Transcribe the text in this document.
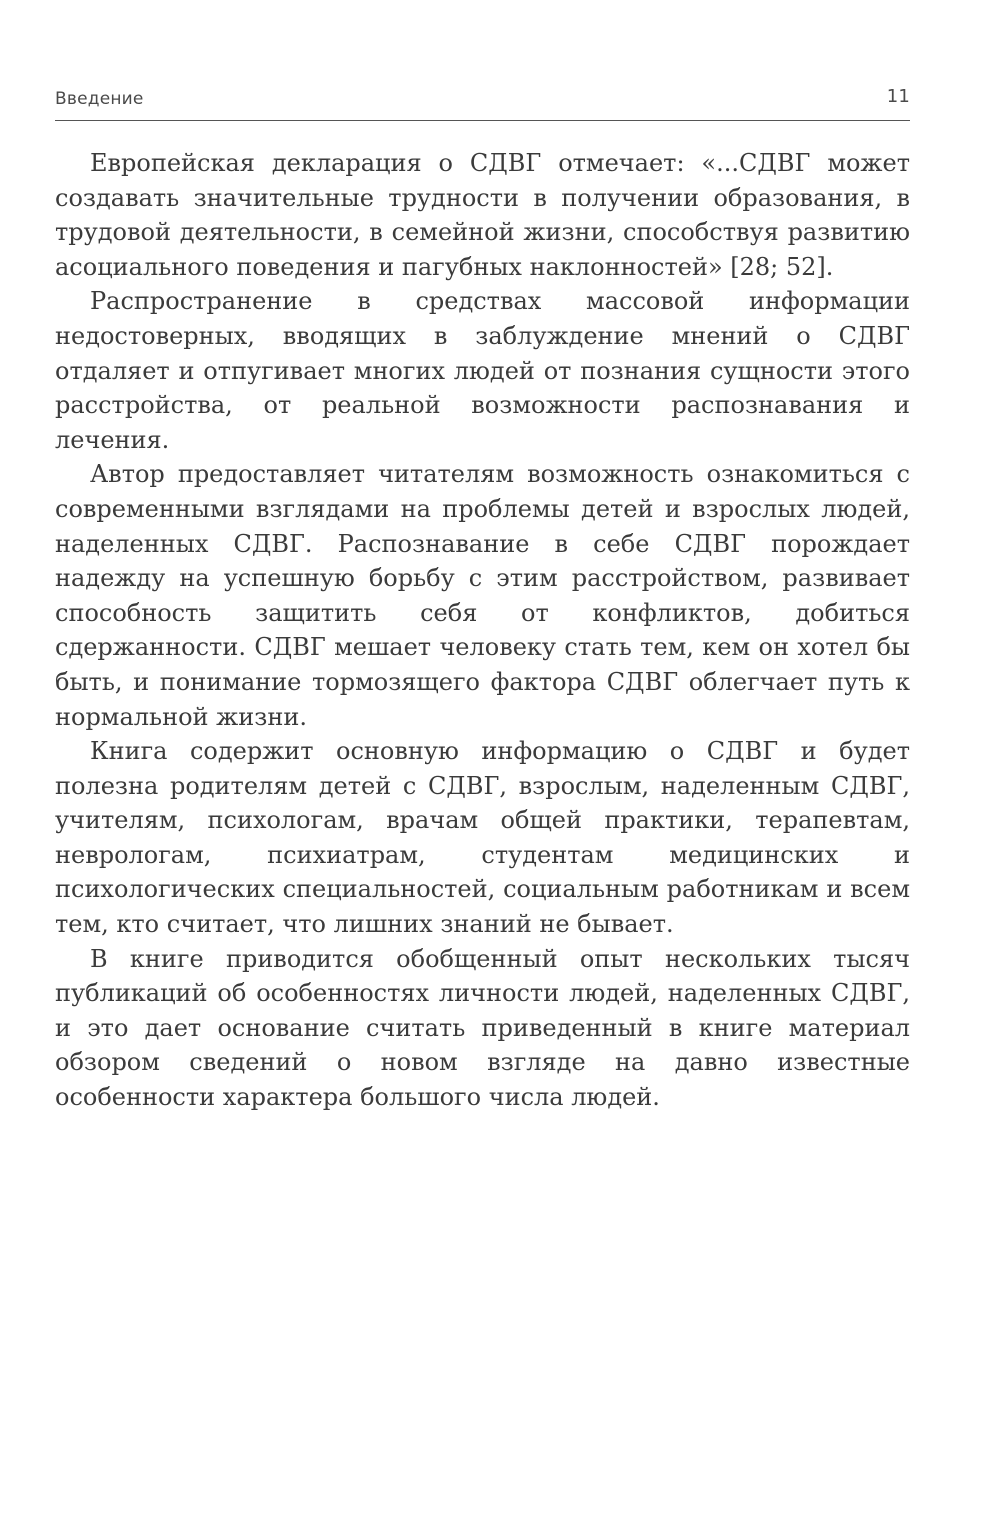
Введение	11

Европейская декларация о СДВГ отмечает: «...СДВГ может создавать значительные трудности в получении образования, в трудовой деятельности, в семейной жизни, способствуя развитию асоциального поведения и пагубных наклонностей» [28; 52].

Распространение в средствах массовой информации недостоверных, вводящих в заблуждение мнений о СДВГ отдаляет и отпугивает многих людей от познания сущности этого расстройства, от реальной возможности распознавания и лечения.

Автор предоставляет читателям возможность ознакомиться с современными взглядами на проблемы детей и взрослых людей, наделенных СДВГ. Распознавание в себе СДВГ порождает надежду на успешную борьбу с этим расстройством, развивает способность защитить себя от конфликтов, добиться сдержанности. СДВГ мешает человеку стать тем, кем он хотел бы быть, и понимание тормозящего фактора СДВГ облегчает путь к нормальной жизни.

Книга содержит основную информацию о СДВГ и будет полезна родителям детей с СДВГ, взрослым, наделенным СДВГ, учителям, психологам, врачам общей практики, терапевтам, неврологам, психиатрам, студентам медицинских и психологических специальностей, социальным работникам и всем тем, кто считает, что лишних знаний не бывает.

В книге приводится обобщенный опыт нескольких тысяч публикаций об особенностях личности людей, наделенных СДВГ, и это дает основание считать приведенный в книге материал обзором сведений о новом взгляде на давно известные особенности характера большого числа людей.
